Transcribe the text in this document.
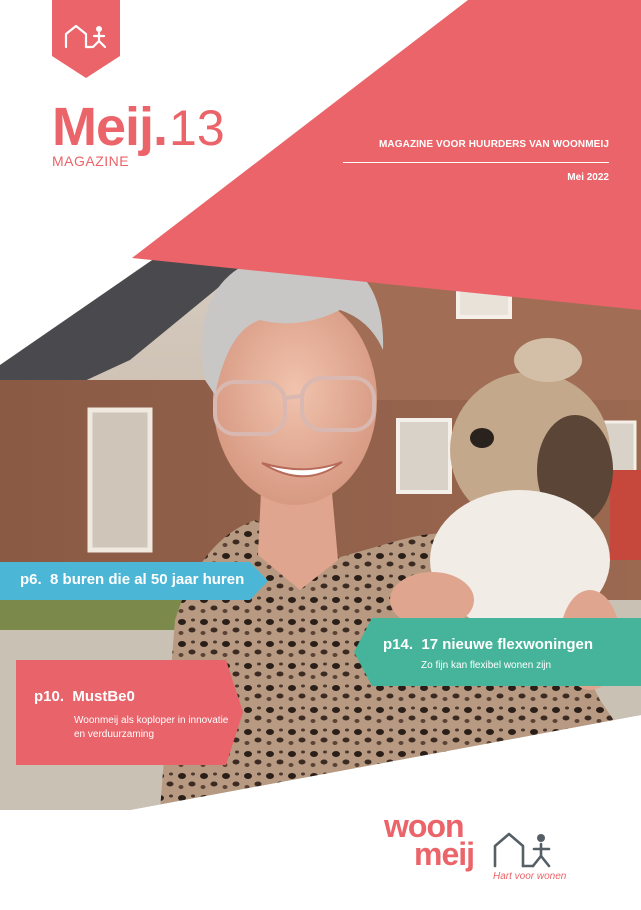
Meij.13
MAGAZINE
MAGAZINE VOOR HUURDERS VAN WOONMEIJ
Mei 2022
p6. 8 buren die al 50 jaar huren
p14. 17 nieuwe flexwoningen
Zo fijn kan flexibel wonen zijn
p10. MustBe0
Woonmeij als koploper in innovatie en verduurzaming
woon
meij
Hart voor wonen
